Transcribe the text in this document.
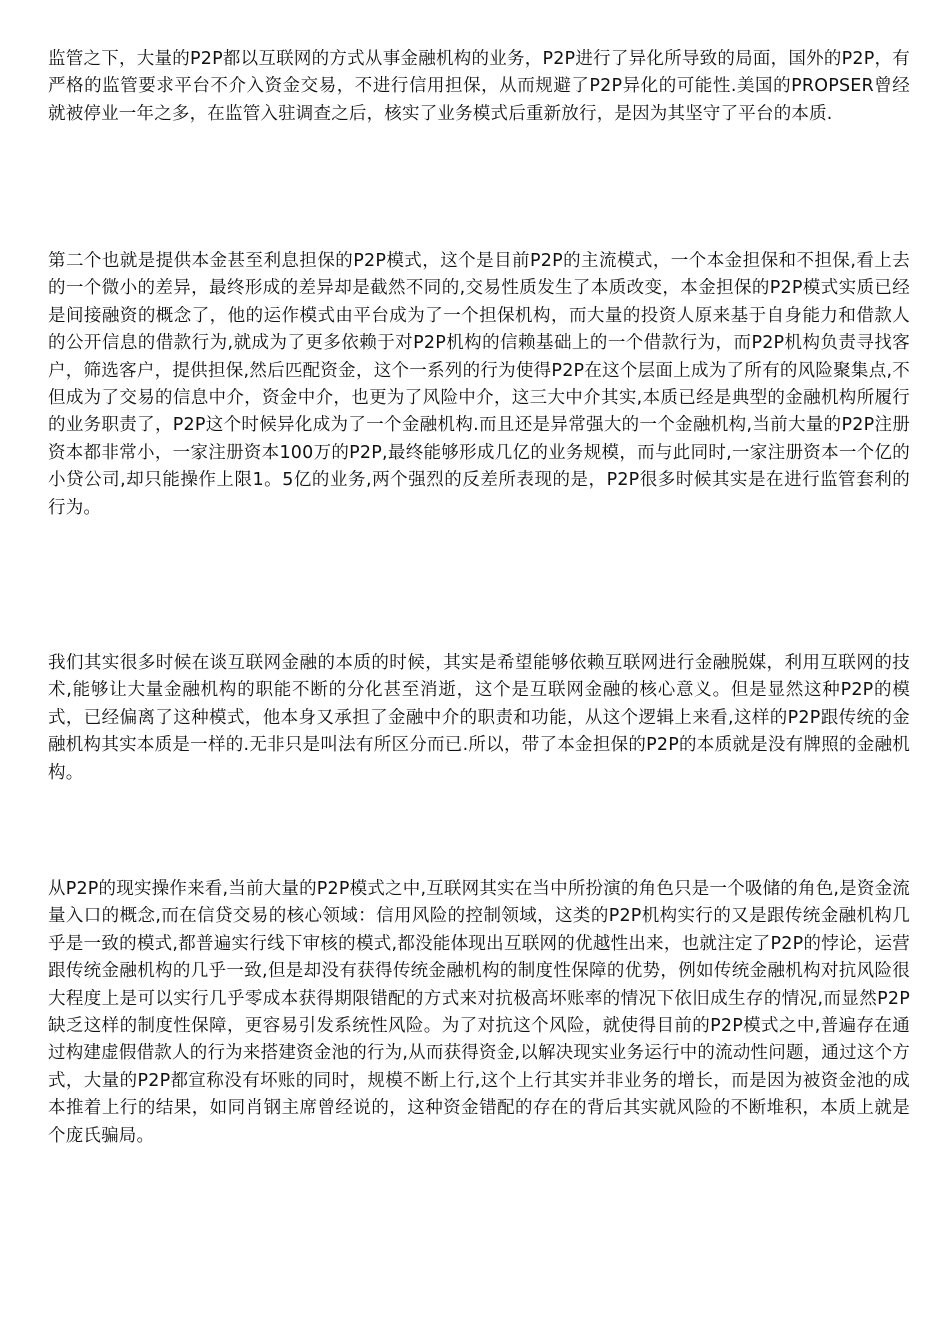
监管之下，大量的P2P都以互联网的方式从事金融机构的业务，P2P进行了异化所导致的局面，国外的P2P，有严格的监管要求平台不介入资金交易，不进行信用担保，从而规避了P2P异化的可能性.美国的PROPSER曾经就被停业一年之多，在监管入驻调查之后，核实了业务模式后重新放行，是因为其坚守了平台的本质.

第二个也就是提供本金甚至利息担保的P2P模式，这个是目前P2P的主流模式，一个本金担保和不担保,看上去的一个微小的差异，最终形成的差异却是截然不同的,交易性质发生了本质改变，本金担保的P2P模式实质已经是间接融资的概念了，他的运作模式由平台成为了一个担保机构，而大量的投资人原来基于自身能力和借款人的公开信息的借款行为,就成为了更多依赖于对P2P机构的信赖基础上的一个借款行为，而P2P机构负责寻找客户，筛选客户，提供担保,然后匹配资金，这个一系列的行为使得P2P在这个层面上成为了所有的风险聚集点,不但成为了交易的信息中介，资金中介，也更为了风险中介，这三大中介其实,本质已经是典型的金融机构所履行的业务职责了，P2P这个时候异化成为了一个金融机构.而且还是异常强大的一个金融机构,当前大量的P2P注册资本都非常小，一家注册资本100万的P2P,最终能够形成几亿的业务规模，而与此同时,一家注册资本一个亿的小贷公司,却只能操作上限1。5亿的业务,两个强烈的反差所表现的是，P2P很多时候其实是在进行监管套利的行为。

我们其实很多时候在谈互联网金融的本质的时候，其实是希望能够依赖互联网进行金融脱媒，利用互联网的技术,能够让大量金融机构的职能不断的分化甚至消逝，这个是互联网金融的核心意义。但是显然这种P2P的模式，已经偏离了这种模式，他本身又承担了金融中介的职责和功能，从这个逻辑上来看,这样的P2P跟传统的金融机构其实本质是一样的.无非只是叫法有所区分而已.所以，带了本金担保的P2P的本质就是没有牌照的金融机构。

从P2P的现实操作来看,当前大量的P2P模式之中,互联网其实在当中所扮演的角色只是一个吸储的角色,是资金流量入口的概念,而在信贷交易的核心领域：信用风险的控制领域，这类的P2P机构实行的又是跟传统金融机构几乎是一致的模式,都普遍实行线下审核的模式,都没能体现出互联网的优越性出来，也就注定了P2P的悖论，运营跟传统金融机构的几乎一致,但是却没有获得传统金融机构的制度性保障的优势，例如传统金融机构对抗风险很大程度上是可以实行几乎零成本获得期限错配的方式来对抗极高坏账率的情况下依旧成生存的情况,而显然P2P缺乏这样的制度性保障，更容易引发系统性风险。为了对抗这个风险，就使得目前的P2P模式之中,普遍存在通过构建虚假借款人的行为来搭建资金池的行为,从而获得资金,以解决现实业务运行中的流动性问题，通过这个方式，大量的P2P都宣称没有坏账的同时，规模不断上行,这个上行其实并非业务的增长，而是因为被资金池的成本推着上行的结果，如同肖钢主席曾经说的，这种资金错配的存在的背后其实就风险的不断堆积，本质上就是个庞氏骗局。
